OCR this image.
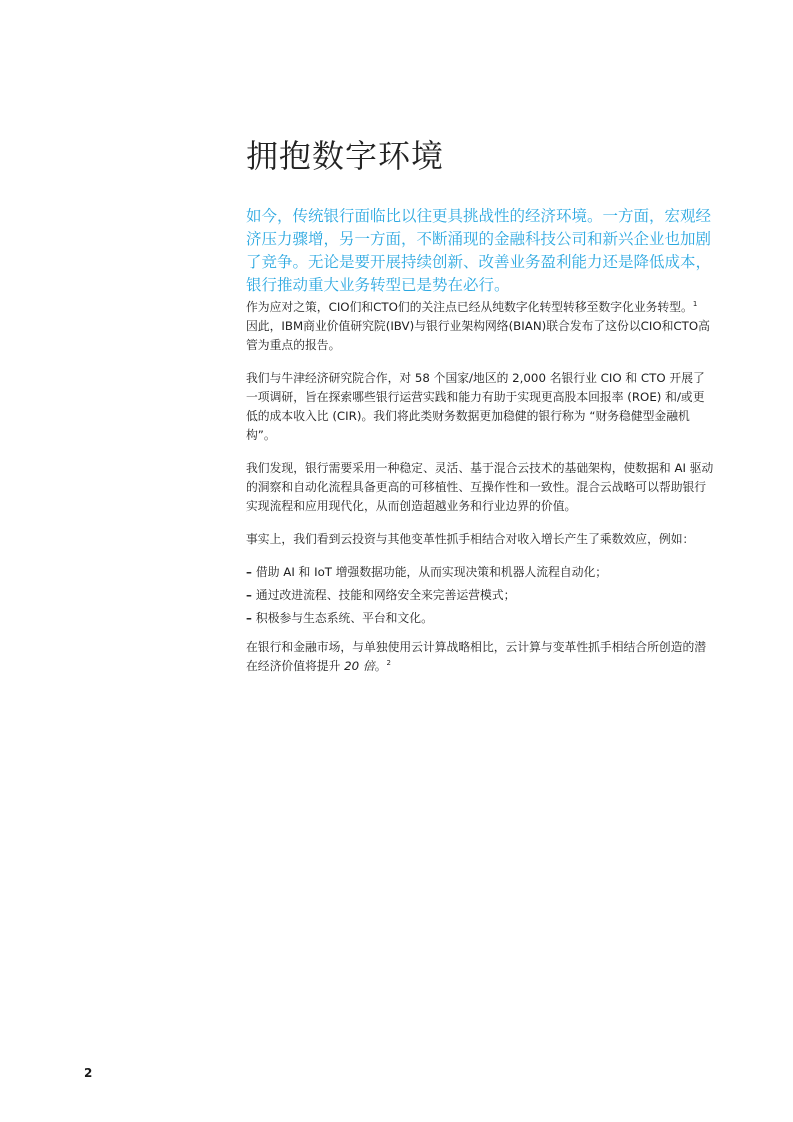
拥抱数字环境

如今，传统银行面临比以往更具挑战性的经济环境。一方面，宏观经济压力骤增，另一方面，不断涌现的金融科技公司和新兴企业也加剧了竞争。无论是要开展持续创新、改善业务盈利能力还是降低成本，银行推动重大业务转型已是势在必行。

作为应对之策，CIO们和CTO们的关注点已经从纯数字化转型转移至数字化业务转型。$^1$
因此，IBM商业价值研究院(IBV)与银行业架构网络(BIAN)联合发布了这份以CIO和CTO高管为重点的报告。

我们与牛津经济研究院合作，对 58 个国家/地区的 2,000 名银行业 CIO 和 CTO 开展了一项调研，旨在探索哪些银行运营实践和能力有助于实现更高股本回报率 (ROE) 和/或更低的成本收入比 (CIR)。我们将此类财务数据更加稳健的银行称为 “财务稳健型金融机构”。

我们发现，银行需要采用一种稳定、灵活、基于混合云技术的基础架构，使数据和 AI 驱动的洞察和自动化流程具备更高的可移植性、互操作性和一致性。混合云战略可以帮助银行实现流程和应用现代化，从而创造超越业务和行业边界的价值。

事实上，我们看到云投资与其他变革性抓手相结合对收入增长产生了乘数效应，例如：

– 借助 AI 和 IoT 增强数据功能，从而实现决策和机器人流程自动化；
– 通过改进流程、技能和网络安全来完善运营模式；
– 积极参与生态系统、平台和文化。

在银行和金融市场，与单独使用云计算战略相比，云计算与变革性抓手相结合所创造的潜在经济价值将提升 20 倍。$^2$

2
